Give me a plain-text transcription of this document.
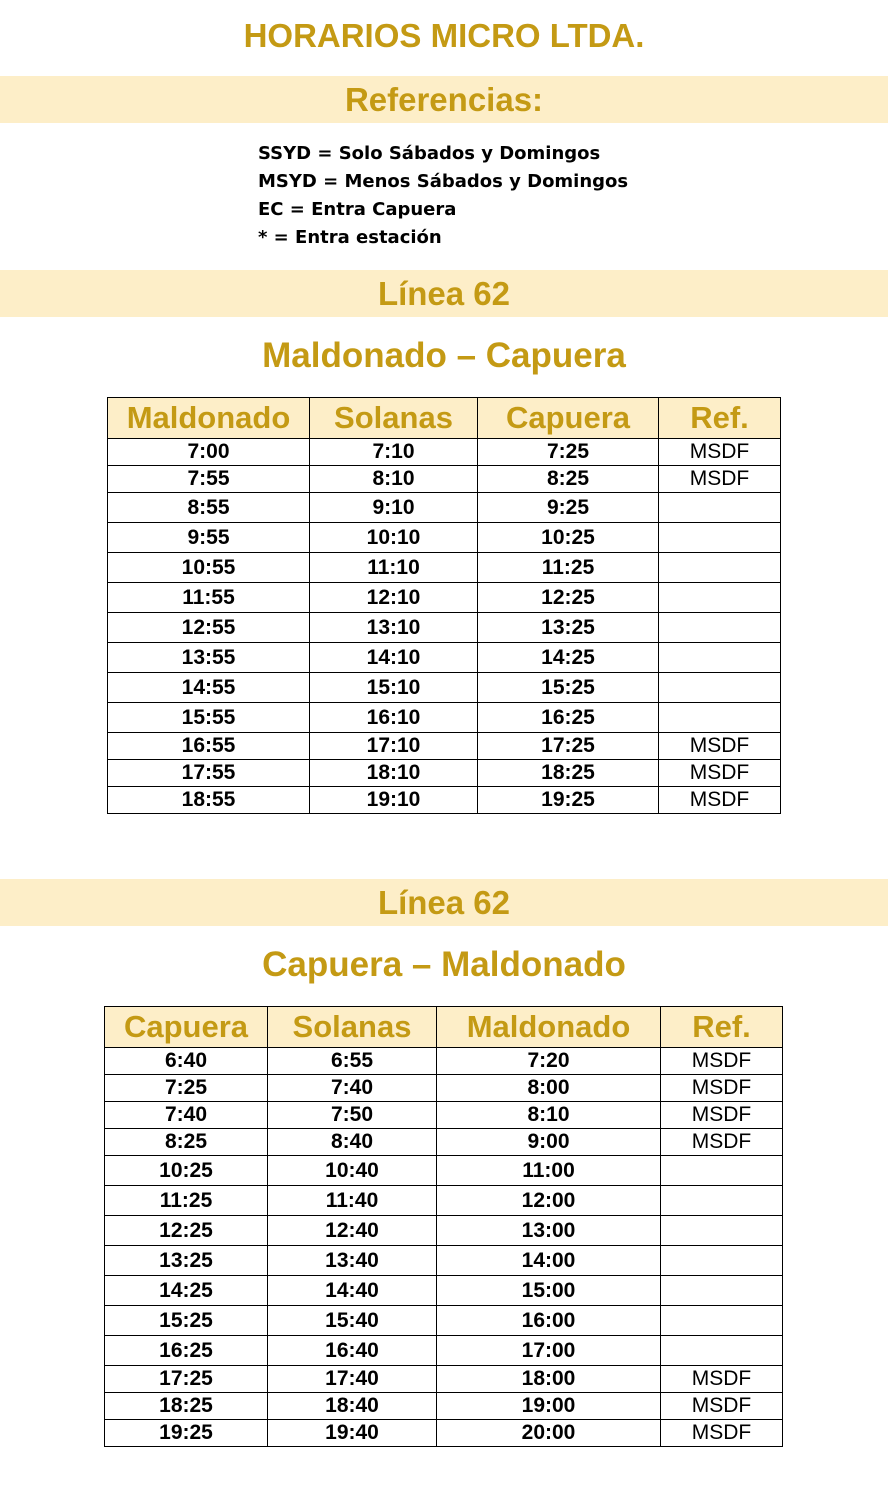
HORARIOS MICRO LTDA.
Referencias:
SSYD = Solo Sábados y Domingos
MSYD = Menos Sábados y Domingos
EC = Entra Capuera
* = Entra estación
Línea 62
Maldonado – Capuera
Maldonado	Solanas	Capuera	Ref.
7:00	7:10	7:25	MSDF
7:55	8:10	8:25	MSDF
8:55	9:10	9:25	
9:55	10:10	10:25	
10:55	11:10	11:25	
11:55	12:10	12:25	
12:55	13:10	13:25	
13:55	14:10	14:25	
14:55	15:10	15:25	
15:55	16:10	16:25	
16:55	17:10	17:25	MSDF
17:55	18:10	18:25	MSDF
18:55	19:10	19:25	MSDF
Línea 62
Capuera – Maldonado
Capuera	Solanas	Maldonado	Ref.
6:40	6:55	7:20	MSDF
7:25	7:40	8:00	MSDF
7:40	7:50	8:10	MSDF
8:25	8:40	9:00	MSDF
10:25	10:40	11:00	
11:25	11:40	12:00	
12:25	12:40	13:00	
13:25	13:40	14:00	
14:25	14:40	15:00	
15:25	15:40	16:00	
16:25	16:40	17:00	
17:25	17:40	18:00	MSDF
18:25	18:40	19:00	MSDF
19:25	19:40	20:00	MSDF
